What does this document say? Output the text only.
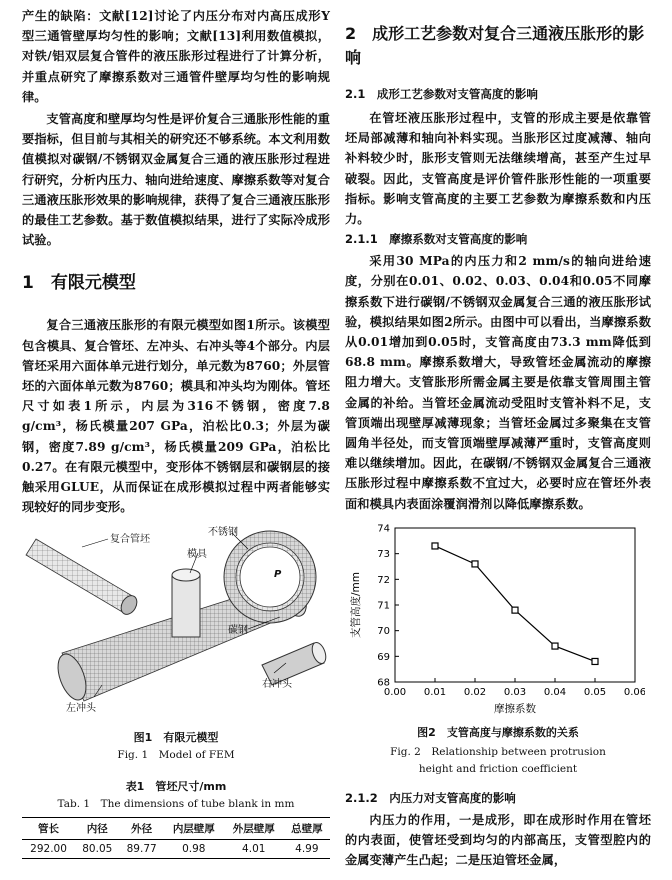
产生的缺陷：文献[12]讨论了内压分布对内高压成形Y型三通管壁厚均匀性的影响；文献[13]利用数值模拟，对铁/铝双层复合管件的液压胀形过程进行了计算分析，并重点研究了摩擦系数对三通管件壁厚均匀性的影响规律。

支管高度和壁厚均匀性是评价复合三通胀形性能的重要指标，但目前与其相关的研究还不够系统。本文利用数值模拟对碳钢/不锈钢双金属复合三通的液压胀形过程进行研究，分析内压力、轴向进给速度、摩擦系数等对复合三通液压胀形效果的影响规律，获得了复合三通液压胀形的最佳工艺参数。基于数值模拟结果，进行了实际冷成形试验。

1　有限元模型

复合三通液压胀形的有限元模型如图1所示。该模型包含模具、复合管坯、左冲头、右冲头等4个部分。内层管坯采用六面体单元进行划分，单元数为8760；外层管坯的六面体单元数为8760；模具和冲头均为刚体。管坯尺寸如表1所示，内层为316不锈钢，密度7.8 g/cm³，杨氏模量207 GPa，泊松比0.3；外层为碳钢，密度7.89 g/cm³，杨氏模量209 GPa，泊松比0.27。在有限元模型中，变形体不锈钢层和碳钢层的接触采用GLUE，从而保证在成形模拟过程中两者能够实现较好的同步变形。

复合管坯
不锈钢
模具
P
碳钢
右冲头
左冲头
图1　有限元模型
Fig. 1　Model of FEM
表1　管坯尺寸/mm
Tab. 1　The dimensions of tube blank in mm
管长	内径	外径	内层壁厚	外层壁厚	总壁厚
292.00	80.05	89.77	0.98	4.01	4.99
2　成形工艺参数对复合三通液压胀形的影响
2.1　成形工艺参数对支管高度的影响

在管坯液压胀形过程中，支管的形成主要是依靠管坯局部减薄和轴向补料实现。当胀形区过度减薄、轴向补料较少时，胀形支管则无法继续增高，甚至产生过早破裂。因此，支管高度是评价管件胀形性能的一项重要指标。影响支管高度的主要工艺参数为摩擦系数和内压力。

2.1.1　摩擦系数对支管高度的影响

采用30 MPa的内压力和2 mm/s的轴向进给速度，分别在0.01、0.02、0.03、0.04和0.05不同摩擦系数下进行碳钢/不锈钢双金属复合三通的液压胀形试验，模拟结果如图2所示。由图中可以看出，当摩擦系数从0.01增加到0.05时，支管高度由73.3 mm降低到68.8 mm。摩擦系数增大，导致管坯金属流动的摩擦阻力增大。支管胀形所需金属主要是依靠支管周围主管金属的补给。当管坯金属流动受阻时支管补料不足，支管顶端出现壁厚减薄现象；当管坯金属过多聚集在支管圆角半径处，而支管顶端壁厚减薄严重时，支管高度则难以继续增加。因此，在碳钢/不锈钢双金属复合三通液压胀形过程中摩擦系数不宜过大，必要时应在管坯外表面和模具内表面涂覆润滑剂以降低摩擦系数。

0.00 0.01 0.02 0.03 0.04 0.05 0.06
68
69
70
71
72
73
74
摩擦系数
支管高度/mm
图2　支管高度与摩擦系数的关系
Fig. 2　Relationship between protrusion
height and friction coefficient
2.1.2　内压力对支管高度的影响

内压力的作用，一是成形，即在成形时作用在管坯的内表面，使管坯受到均匀的内部高压，支管型腔内的金属变薄产生凸起；二是压迫管坯金属，
